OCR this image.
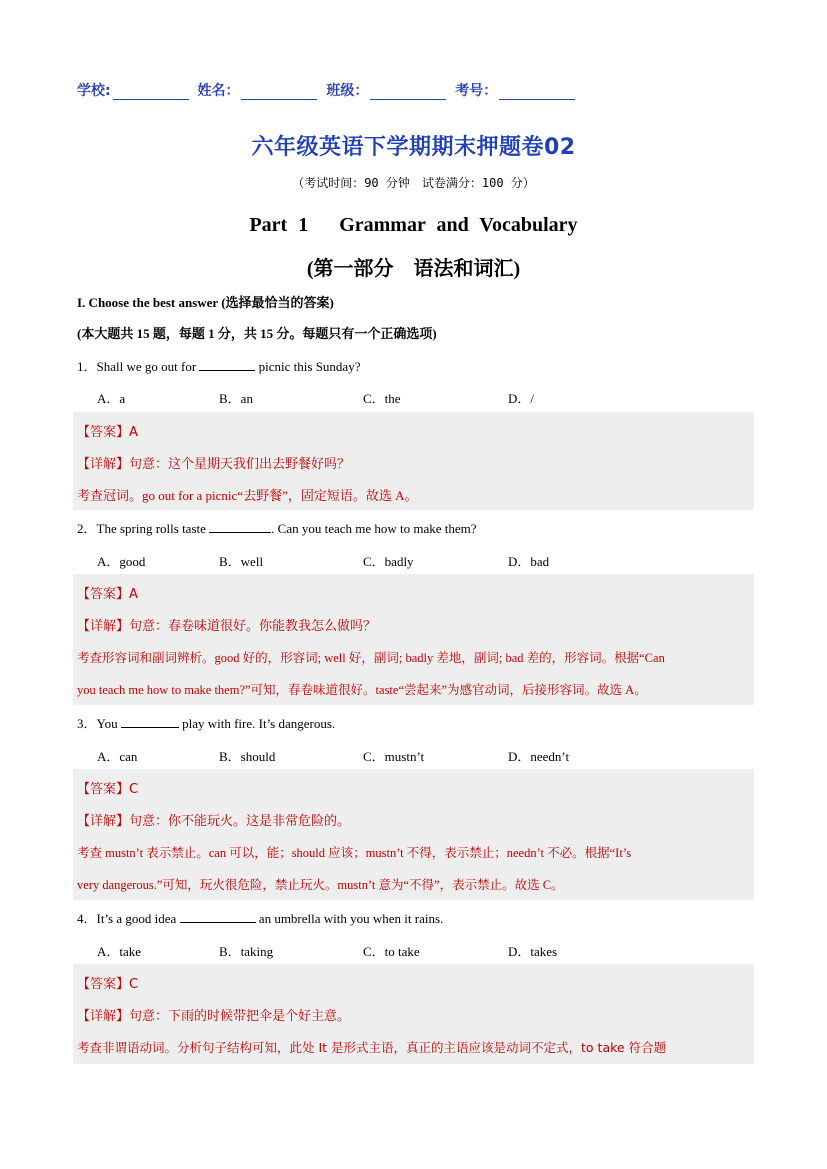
学校:	姓名：	班级：	考号：
六年级英语下学期期末押题卷02
（考试时间：90 分钟　试卷满分：100 分）
Part 1　 Grammar and Vocabulary
(第一部分　语法和词汇)
I. Choose the best answer (选择最恰当的答案)
(本大题共 15 题，每题 1 分，共 15 分。每题只有一个正确选项)
1．Shall we go out for	picnic this Sunday?
A．a	B．an	C．the	D．/
【答案】A
【详解】句意：这个星期天我们出去野餐好吗？
考查冠词。go out for a picnic“去野餐”，固定短语。故选 A。
2．The spring rolls taste	. Can you teach me how to make them?
A．good	B．well	C．badly	D．bad
【答案】A
【详解】句意：春卷味道很好。你能教我怎么做吗？
考查形容词和副词辨析。good 好的，形容词; well 好，副词; badly 差地，副词; bad 差的，形容词。根据“Can
you teach me how to make them?”可知，春卷味道很好。taste“尝起来”为感官动词，后接形容词。故选 A。
3．You	play with fire. It’s dangerous.
A．can	B．should	C．mustn’t	D．needn’t
【答案】C
【详解】句意：你不能玩火。这是非常危险的。
考查 mustn’t 表示禁止。can 可以，能；should 应该；mustn’t 不得，表示禁止；needn’t 不必。根据“It’s
very dangerous.”可知，玩火很危险，禁止玩火。mustn’t 意为“不得”，表示禁止。故选 C。
4．It’s a good idea	an umbrella with you when it rains.
A．take	B．taking	C．to take	D．takes
【答案】C
【详解】句意：下雨的时候带把伞是个好主意。
考查非谓语动词。分析句子结构可知，此处 It 是形式主语，真正的主语应该是动词不定式，to take 符合题
